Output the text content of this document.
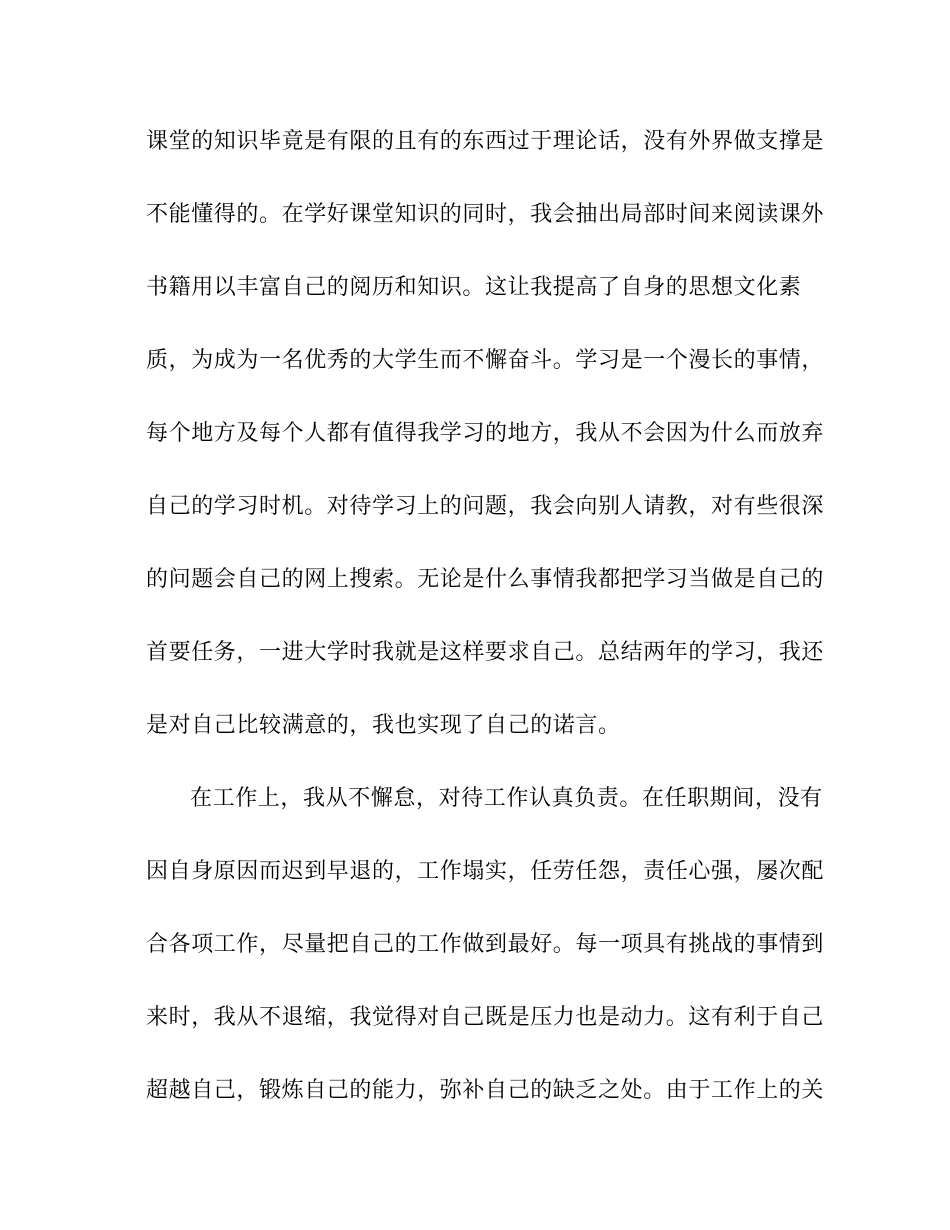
课堂的知识毕竟是有限的且有的东西过于理论话，没有外界做支撑是
不能懂得的。在学好课堂知识的同时，我会抽出局部时间来阅读课外
书籍用以丰富自己的阅历和知识。这让我提高了自身的思想文化素
质，为成为一名优秀的大学生而不懈奋斗。学习是一个漫长的事情，
每个地方及每个人都有值得我学习的地方，我从不会因为什么而放弃
自己的学习时机。对待学习上的问题，我会向别人请教，对有些很深
的问题会自己的网上搜索。无论是什么事情我都把学习当做是自己的
首要任务，一进大学时我就是这样要求自己。总结两年的学习，我还
是对自己比较满意的，我也实现了自己的诺言。
在工作上，我从不懈怠，对待工作认真负责。在任职期间，没有
因自身原因而迟到早退的，工作塌实，任劳任怨，责任心强，屡次配
合各项工作，尽量把自己的工作做到最好。每一项具有挑战的事情到
来时，我从不退缩，我觉得对自己既是压力也是动力。这有利于自己
超越自己，锻炼自己的能力，弥补自己的缺乏之处。由于工作上的关
